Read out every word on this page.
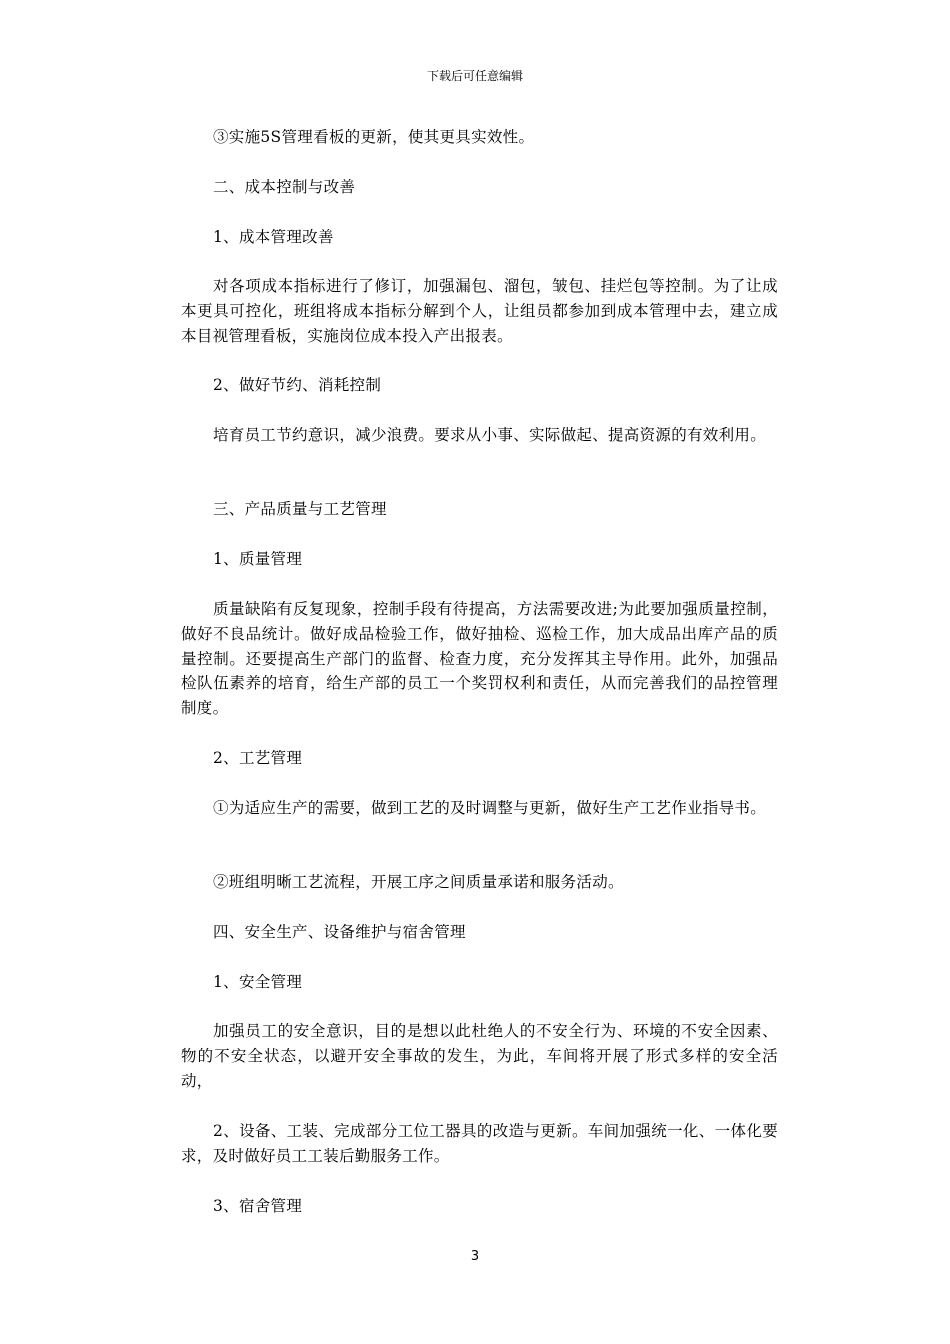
下载后可任意编辑
③实施5S管理看板的更新，使其更具实效性。
二、成本控制与改善
1、成本管理改善
对各项成本指标进行了修订，加强漏包、溜包，皱包、挂烂包等控制。为了让成本更具可控化，班组将成本指标分解到个人，让组员都参加到成本管理中去，建立成本目视管理看板，实施岗位成本投入产出报表。
2、做好节约、消耗控制
培育员工节约意识，减少浪费。要求从小事、实际做起、提高资源的有效利用。
三、产品质量与工艺管理
1、质量管理
质量缺陷有反复现象，控制手段有待提高，方法需要改进;为此要加强质量控制，做好不良品统计。做好成品检验工作，做好抽检、巡检工作，加大成品出库产品的质量控制。还要提高生产部门的监督、检查力度，充分发挥其主导作用。此外，加强品检队伍素养的培育，给生产部的员工一个奖罚权利和责任，从而完善我们的品控管理制度。
2、工艺管理
①为适应生产的需要，做到工艺的及时调整与更新，做好生产工艺作业指导书。
②班组明晰工艺流程，开展工序之间质量承诺和服务活动。
四、安全生产、设备维护与宿舍管理
1、安全管理
加强员工的安全意识，目的是想以此杜绝人的不安全行为、环境的不安全因素、物的不安全状态，以避开安全事故的发生，为此，车间将开展了形式多样的安全活动，
2、设备、工装、完成部分工位工器具的改造与更新。车间加强统一化、一体化要求，及时做好员工工装后勤服务工作。
3、宿舍管理
3
